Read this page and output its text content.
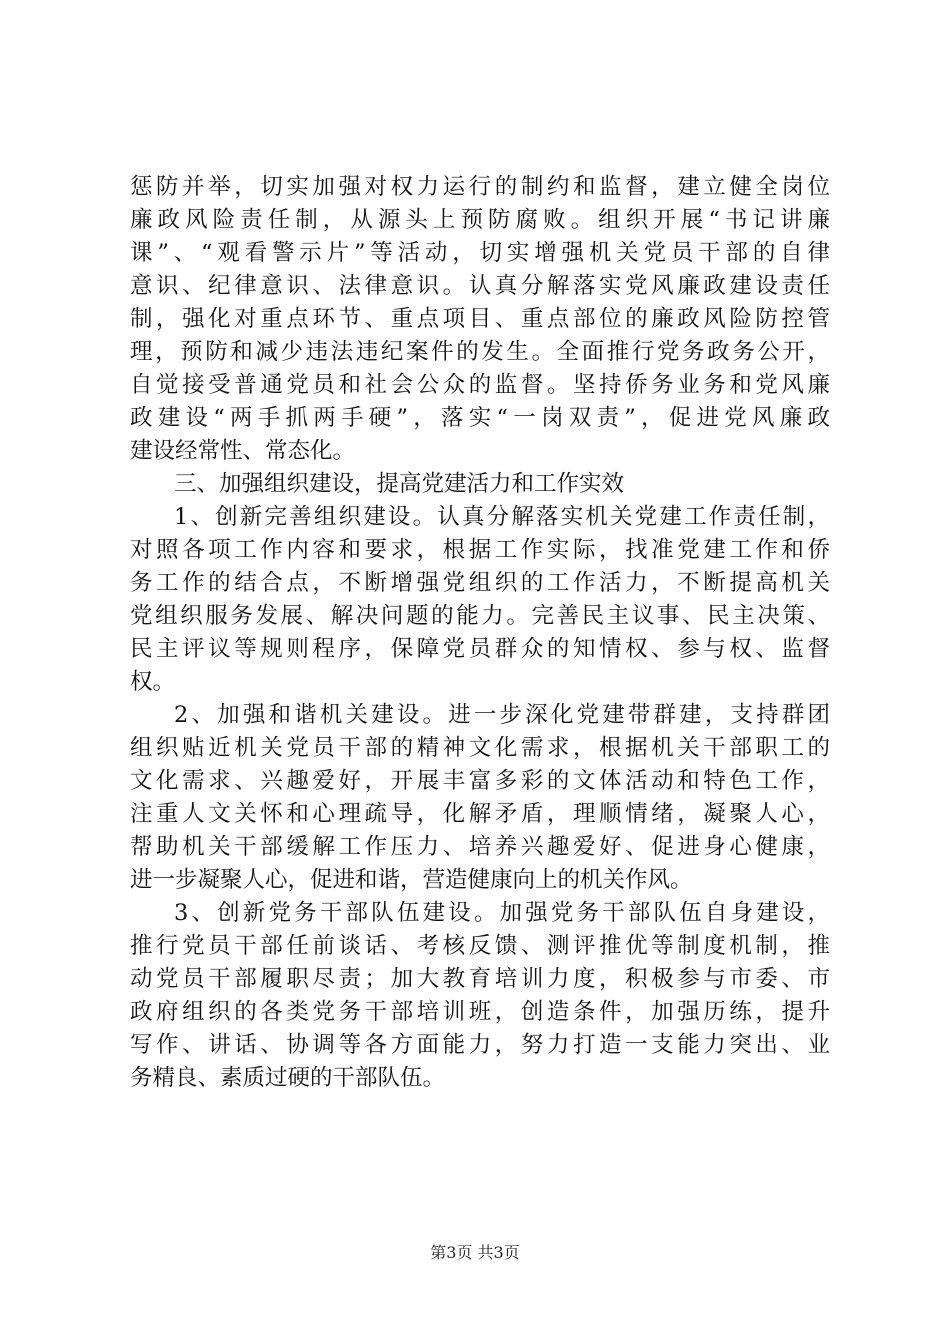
惩防并举，切实加强对权力运行的制约和监督，建立健全岗位
廉政风险责任制，从源头上预防腐败。组织开展“书记讲廉
课”、“观看警示片”等活动，切实增强机关党员干部的自律
意识、纪律意识、法律意识。认真分解落实党风廉政建设责任
制，强化对重点环节、重点项目、重点部位的廉政风险防控管
理，预防和减少违法违纪案件的发生。全面推行党务政务公开，
自觉接受普通党员和社会公众的监督。坚持侨务业务和党风廉
政建设“两手抓两手硬”，落实“一岗双责”，促进党风廉政
建设经常性、常态化。
三、加强组织建设，提高党建活力和工作实效
1、创新完善组织建设。认真分解落实机关党建工作责任制，
对照各项工作内容和要求，根据工作实际，找准党建工作和侨
务工作的结合点，不断增强党组织的工作活力，不断提高机关
党组织服务发展、解决问题的能力。完善民主议事、民主决策、
民主评议等规则程序，保障党员群众的知情权、参与权、监督
权。
2、加强和谐机关建设。进一步深化党建带群建，支持群团
组织贴近机关党员干部的精神文化需求，根据机关干部职工的
文化需求、兴趣爱好，开展丰富多彩的文体活动和特色工作，
注重人文关怀和心理疏导，化解矛盾，理顺情绪，凝聚人心，
帮助机关干部缓解工作压力、培养兴趣爱好、促进身心健康，
进一步凝聚人心，促进和谐，营造健康向上的机关作风。
3、创新党务干部队伍建设。加强党务干部队伍自身建设，
推行党员干部任前谈话、考核反馈、测评推优等制度机制，推
动党员干部履职尽责；加大教育培训力度，积极参与市委、市
政府组织的各类党务干部培训班，创造条件，加强历练，提升
写作、讲话、协调等各方面能力，努力打造一支能力突出、业
务精良、素质过硬的干部队伍。
第3页 共3页
